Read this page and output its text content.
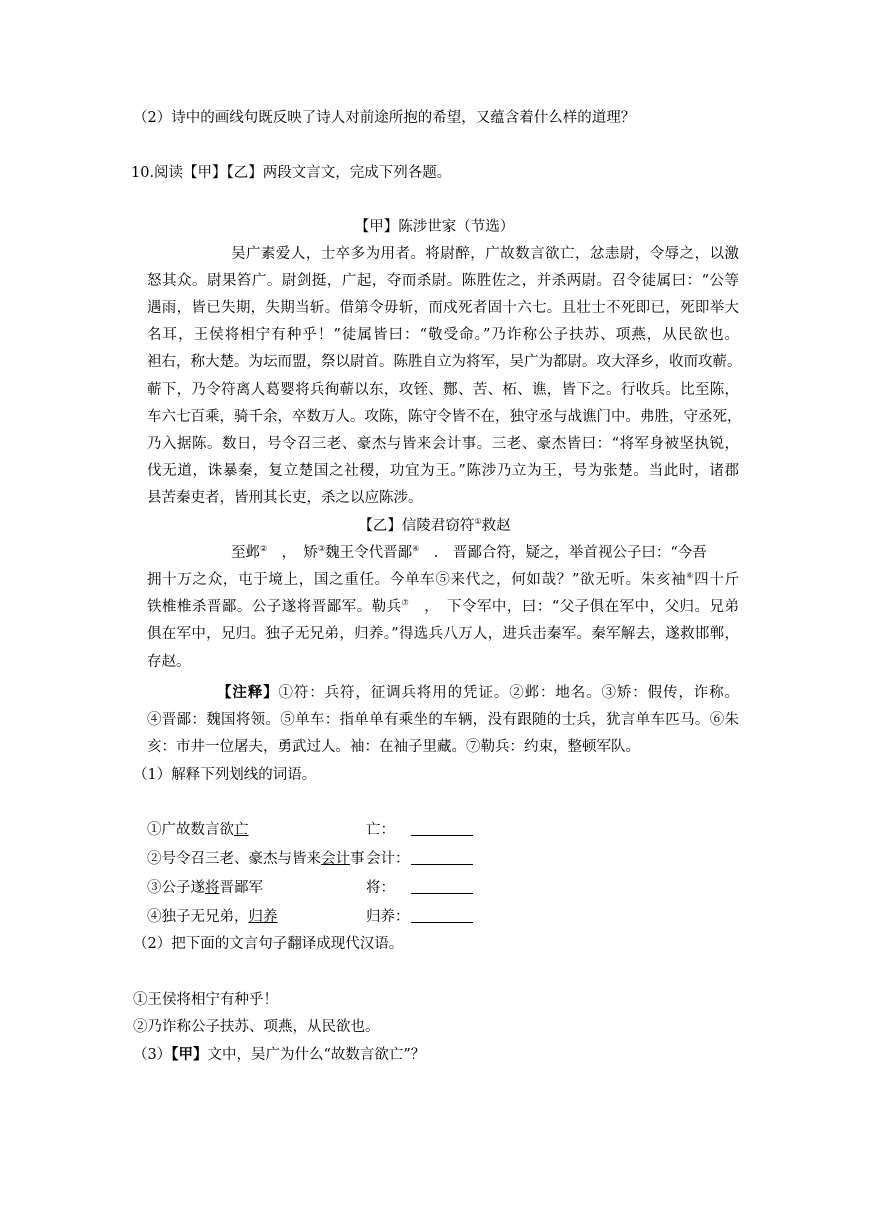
（2）诗中的画线句既反映了诗人对前途所抱的希望，又蕴含着什么样的道理？
10.阅读【甲】【乙】两段文言文，完成下列各题。
【甲】陈涉世家（节选）
吴广素爱人，士卒多为用者。将尉醉，广故数言欲亡，忿恚尉，令辱之，以激
怒其众。尉果笞广。尉剑挺，广起，夺而杀尉。陈胜佐之，并杀两尉。召令徒属曰：“公等
遇雨，皆已失期，失期当斩。借第令毋斩，而戍死者固十六七。且壮士不死即已，死即举大
名耳，王侯将相宁有种乎！”徒属皆曰：“敬受命。”乃诈称公子扶苏、项燕，从民欲也。
袒右，称大楚。为坛而盟，祭以尉首。陈胜自立为将军，吴广为都尉。攻大泽乡，收而攻蕲。
蕲下，乃令符离人葛婴将兵徇蕲以东，攻铚、酂、苦、柘、谯，皆下之。行收兵。比至陈，
车六七百乘，骑千余，卒数万人。攻陈，陈守令皆不在，独守丞与战谯门中。弗胜，守丞死，
乃入据陈。数日，号令召三老、豪杰与皆来会计事。三老、豪杰皆曰：“将军身被坚执锐，
伐无道，诛暴秦，复立楚国之社稷，功宜为王。”陈涉乃立为王，号为张楚。当此时，诸郡
县苦秦吏者，皆刑其长吏，杀之以应陈涉。
【乙】信陵君窃符①救赵
至邺②　，　矫③魏王令代晋鄙④　.　晋鄙合符，疑之，举首视公子曰：“今吾
拥十万之众，屯于境上，国之重任。今单车⑤来代之，何如哉？”欲无听。朱亥袖⑥四十斤
铁椎椎杀晋鄙。公子遂将晋鄙军。勒兵⑦　，　下令军中，曰：“父子俱在军中，父归。兄弟
俱在军中，兄归。独子无兄弟，归养。”得选兵八万人，进兵击秦军。秦军解去，遂救邯郸，
存赵。
【注释】①符：兵符，征调兵将用的凭证。②邺：地名。③矫：假传，诈称。
④晋鄙：魏国将领。⑤单车：指单单有乘坐的车辆，没有跟随的士兵，犹言单车匹马。⑥朱
亥：市井一位屠夫，勇武过人。袖：在袖子里藏。⑦勒兵：约束，整顿军队。
（1）解释下列划线的词语。
①广故数言欲亡	亡：
②号令召三老、豪杰与皆来会计事 会计：
③公子遂将晋鄙军	将：
④独子无兄弟，归养	归养：
（2）把下面的文言句子翻译成现代汉语。
①王侯将相宁有种乎！
②乃诈称公子扶苏、项燕，从民欲也。
（3）【甲】文中，吴广为什么“故数言欲亡”？
